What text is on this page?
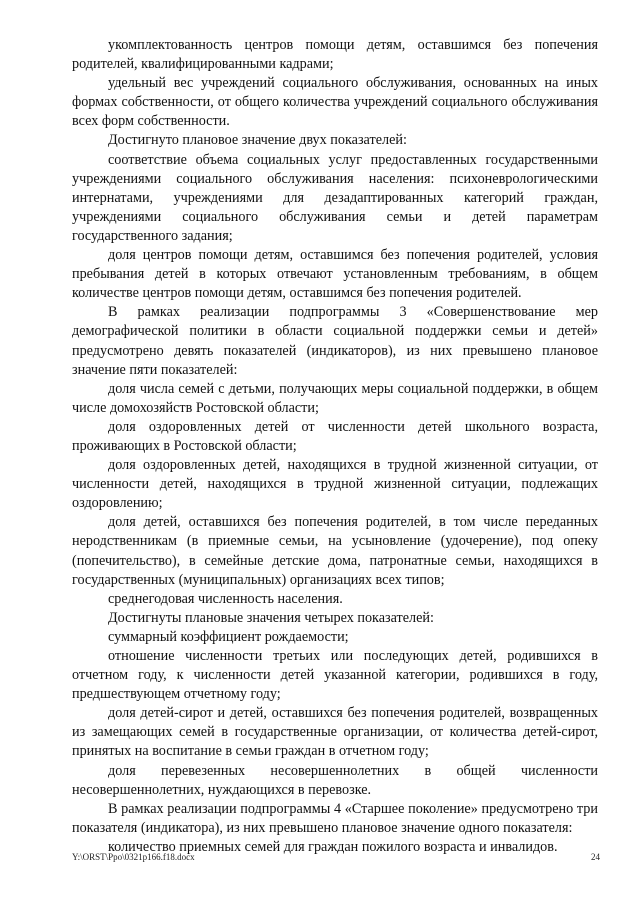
укомплектованность центров помощи детям, оставшимся без попечения родителей, квалифицированными кадрами;

удельный вес учреждений социального обслуживания, основанных на иных формах собственности, от общего количества учреждений социального обслуживания всех форм собственности.

Достигнуто плановое значение двух показателей:

соответствие объема социальных услуг предоставленных государственными учреждениями социального обслуживания населения: психоневрологическими интернатами, учреждениями для дезадаптированных категорий граждан, учреждениями социального обслуживания семьи и детей параметрам государственного задания;

доля центров помощи детям, оставшимся без попечения родителей, условия пребывания детей в которых отвечают установленным требованиям, в общем количестве центров помощи детям, оставшимся без попечения родителей.

В рамках реализации подпрограммы 3 «Совершенствование мер демографической политики в области социальной поддержки семьи и детей» предусмотрено девять показателей (индикаторов), из них превышено плановое значение пяти показателей:

доля числа семей с детьми, получающих меры социальной поддержки, в общем числе домохозяйств Ростовской области;

доля оздоровленных детей от численности детей школьного возраста, проживающих в Ростовской области;

доля оздоровленных детей, находящихся в трудной жизненной ситуации, от численности детей, находящихся в трудной жизненной ситуации, подлежащих оздоровлению;

доля детей, оставшихся без попечения родителей, в том числе переданных неродственникам (в приемные семьи, на усыновление (удочерение), под опеку (попечительство), в семейные детские дома, патронатные семьи, находящихся в государственных (муниципальных) организациях всех типов;

среднегодовая численность населения.

Достигнуты плановые значения четырех показателей:

суммарный коэффициент рождаемости;

отношение численности третьих или последующих детей, родившихся в отчетном году, к численности детей указанной категории, родившихся в году, предшествующем отчетному году;

доля детей-сирот и детей, оставшихся без попечения родителей, возвращенных из замещающих семей в государственные организации, от количества детей-сирот, принятых на воспитание в семьи граждан в отчетном году;

доля перевезенных несовершеннолетних в общей численности несовершеннолетних, нуждающихся в перевозке.

В рамках реализации подпрограммы 4 «Старшее поколение» предусмотрено три показателя (индикатора), из них превышено плановое значение одного показателя:

количество приемных семей для граждан пожилого возраста и инвалидов.

Y:\ORST\Ppo\0321p166.f18.docx	24
